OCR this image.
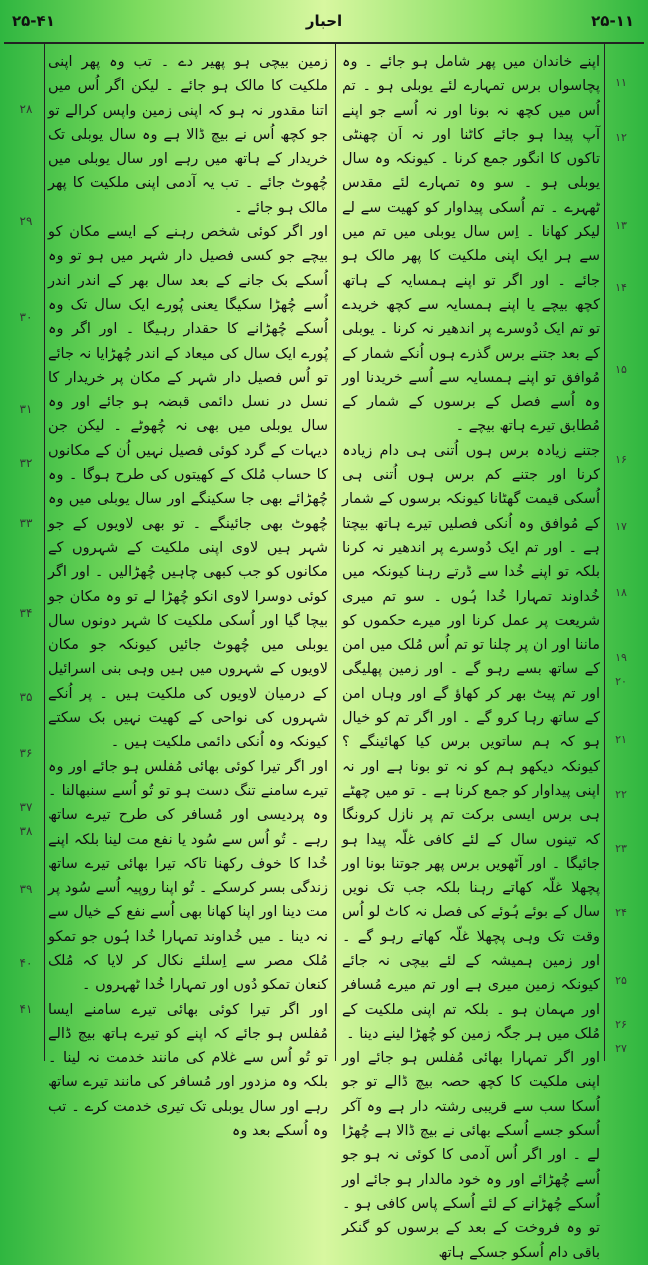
۲۵-۴۱	احبار	۲۵-۱۱

اپنے خاندان میں پھر شامل ہو جائے ۔ وہ پچاسواں برس تمہارے لئے یوبلی ہو ۔ تم اُس میں کچھ نہ بونا اور نہ اُسے جو اپنے آپ پیدا ہو جائے کاٹنا اور نہ اَن چھنٹی تاکوں کا انگور جمع کرنا ۔ کیونکہ وہ سال یوبلی ہو ۔ سو وہ تمہارے لئے مقدس ٹھہرے ۔ تم اُسکی پیداوار کو کھیت سے لے لیکر کھانا ۔ اِس سال یوبلی میں تم میں سے ہر ایک اپنی ملکیت کا پھر مالک ہو جائے ۔ اور اگر تو اپنے ہمسایہ کے ہاتھ کچھ بیچے یا اپنے ہمسایہ سے کچھ خریدے تو تم ایک دُوسرے پر اندھیر نہ کرنا ۔ یوبلی کے بعد جتنے برس گذرے ہوں اُنکے شمار کے مُوافق تو اپنے ہمسایہ سے اُسے خریدنا اور وہ اُسے فصل کے برسوں کے شمار کے مُطابق تیرے ہاتھ بیچے ۔

جتنے زیادہ برس ہوں اُتنی ہی دام زیادہ کرنا اور جتنے کم برس ہوں اُتنی ہی اُسکی قیمت گھٹانا کیونکہ برسوں کے شمار کے مُوافق وہ اُنکی فصلیں تیرے ہاتھ بیچتا ہے ۔ اور تم ایک دُوسرے پر اندھیر نہ کرنا بلکہ تو اپنے خُدا سے ڈرتے رہنا کیونکہ میں خُداوند تمہارا خُدا ہُوں ۔ سو تم میری شریعت پر عمل کرنا اور میرے حکموں کو ماننا اور ان پر چلنا تو تم اُس مُلک میں امن کے ساتھ بسے رہو گے ۔ اور زمین پھلیگی اور تم پیٹ بھر کر کھاؤ گے اور وہاں امن کے ساتھ رہا کرو گے ۔ اور اگر تم کو خیال ہو کہ ہم ساتویں برس کیا کھائینگے ؟ کیونکہ دیکھو ہم کو نہ تو بونا ہے اور نہ اپنی پیداوار کو جمع کرنا ہے ۔ تو میں چھٹے ہی برس ایسی برکت تم پر نازل کرونگا کہ تینوں سال کے لئے کافی غلّہ پیدا ہو جائیگا ۔ اور آٹھویں برس پھر جوتنا بونا اور پچھلا غلّہ کھاتے رہنا بلکہ جب تک نویں سال کے بوئے ہُوئے کی فصل نہ کاٹ لو اُس وقت تک وہی پچھلا غلّہ کھاتے رہو گے ۔ اور زمین ہمیشہ کے لئے بیچی نہ جائے کیونکہ زمین میری ہے اور تم میرے مُسافر اور مہمان ہو ۔ بلکہ تم اپنی ملکیت کے مُلک میں ہر جگہ زمین کو چُھڑا لینے دینا ۔

اور اگر تمہارا بھائی مُفلس ہو جائے اور اپنی ملکیت کا کچھ حصہ بیچ ڈالے تو جو اُسکا سب سے قریبی رشتہ دار ہے وہ آکر اُسکو جسے اُسکے بھائی نے بیچ ڈالا ہے چُھڑا لے ۔ اور اگر اُس آدمی کا کوئی نہ ہو جو اُسے چُھڑائے اور وہ خود مالدار ہو جائے اور اُسکے چُھڑانے کے لئے اُسکے پاس کافی ہو ۔ تو وہ فروخت کے بعد کے برسوں کو گنکر باقی دام اُسکو جسکے ہاتھ

زمین بیچی ہو پھیر دے ۔ تب وہ پھر اپنی ملکیت کا مالک ہو جائے ۔ لیکن اگر اُس میں اتنا مقدور نہ ہو کہ اپنی زمین واپس کرالے تو جو کچھ اُس نے بیچ ڈالا ہے وہ سال یوبلی تک خریدار کے ہاتھ میں رہے اور سال یوبلی میں چُھوٹ جائے ۔ تب یہ آدمی اپنی ملکیت کا پھر مالک ہو جائے ۔

اور اگر کوئی شخص رہنے کے ایسے مکان کو بیچے جو کسی فصیل دار شہر میں ہو تو وہ اُسکے بک جانے کے بعد سال بھر کے اندر اندر اُسے چُھڑا سکیگا یعنی پُورے ایک سال تک وہ اُسکے چُھڑانے کا حقدار رہیگا ۔ اور اگر وہ پُورے ایک سال کی میعاد کے اندر چُھڑایا نہ جائے تو اُس فصیل دار شہر کے مکان پر خریدار کا نسل در نسل دائمی قبضہ ہو جائے اور وہ سال یوبلی میں بھی نہ چُھوٹے ۔ لیکن جن دیہات کے گرد کوئی فصیل نہیں اُن کے مکانوں کا حساب مُلک کے کھیتوں کی طرح ہوگا ۔ وہ چُھڑائے بھی جا سکینگے اور سال یوبلی میں وہ چُھوٹ بھی جائینگے ۔ تو بھی لاویوں کے جو شہر ہیں لاوی اپنی ملکیت کے شہروں کے مکانوں کو جب کبھی چاہیں چُھڑالیں ۔ اور اگر کوئی دوسرا لاوی انکو چُھڑا لے تو وہ مکان جو بیچا گیا اور اُسکی ملکیت کا شہر دونوں سال یوبلی میں چُھوٹ جائیں کیونکہ جو مکان لاویوں کے شہروں میں ہیں وہی بنی اسرائیل کے درمیان لاویوں کی ملکیت ہیں ۔ پر اُنکے شہروں کی نواحی کے کھیت نہیں بک سکتے کیونکہ وہ اُنکی دائمی ملکیت ہیں ۔

اور اگر تیرا کوئی بھائی مُفلس ہو جائے اور وہ تیرے سامنے تنگ دست ہو تو تُو اُسے سنبھالنا ۔ وہ پردیسی اور مُسافر کی طرح تیرے ساتھ رہے ۔ تُو اُس سے سُود یا نفع مت لینا بلکہ اپنے خُدا کا خوف رکھنا تاکہ تیرا بھائی تیرے ساتھ زندگی بسر کرسکے ۔ تُو اپنا روپیہ اُسے سُود پر مت دینا اور اپنا کھانا بھی اُسے نفع کے خیال سے نہ دینا ۔ میں خُداوند تمہارا خُدا ہُوں جو تمکو مُلک مصر سے اِسلئے نکال کر لایا کہ مُلک کنعان تمکو دُوں اور تمہارا خُدا ٹھہروں ۔

اور اگر تیرا کوئی بھائی تیرے سامنے ایسا مُفلس ہو جائے کہ اپنے کو تیرے ہاتھ بیچ ڈالے تو تُو اُس سے غلام کی مانند خدمت نہ لینا ۔ بلکہ وہ مزدور اور مُسافر کی مانند تیرے ساتھ رہے اور سال یوبلی تک تیری خدمت کرے ۔ تب وہ اُسکے بعد وہ

۱۱
۱۲
۱۳
۱۴
۱۵
۱۶
۱۷
۱۸
۱۹
۲۰
۲۱
۲۲
۲۳
۲۴
۲۵
۲۶
۲۷
۲۸
۲۹
۳۰
۳۱
۳۲
۳۳
۳۴
۳۵
۳۶
۳۷
۳۸
۳۹
۴۰
۴۱
